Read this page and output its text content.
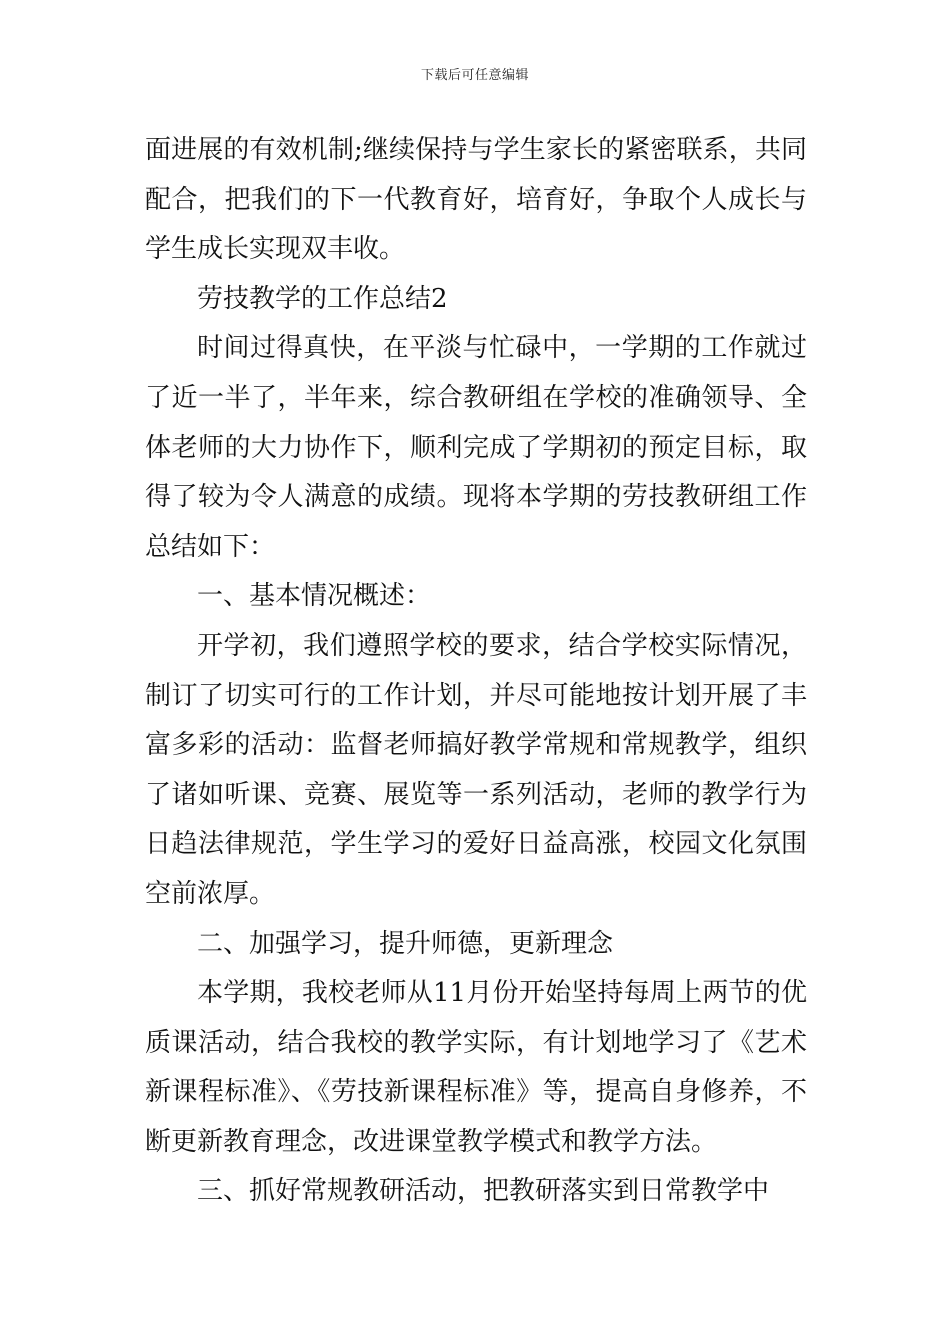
下载后可任意编辑

面进展的有效机制;继续保持与学生家长的紧密联系，共同配合，把我们的下一代教育好，培育好，争取个人成长与学生成长实现双丰收。

劳技教学的工作总结2

时间过得真快，在平淡与忙碌中，一学期的工作就过了近一半了，半年来，综合教研组在学校的准确领导、全体老师的大力协作下，顺利完成了学期初的预定目标，取得了较为令人满意的成绩。现将本学期的劳技教研组工作总结如下：

一、基本情况概述：

开学初，我们遵照学校的要求，结合学校实际情况，制订了切实可行的工作计划，并尽可能地按计划开展了丰富多彩的活动：监督老师搞好教学常规和常规教学，组织了诸如听课、竞赛、展览等一系列活动，老师的教学行为日趋法律规范，学生学习的爱好日益高涨，校园文化氛围空前浓厚。

二、加强学习，提升师德，更新理念

本学期，我校老师从11月份开始坚持每周上两节的优质课活动，结合我校的教学实际，有计划地学习了《艺术新课程标准》、《劳技新课程标准》等，提高自身修养，不断更新教育理念，改进课堂教学模式和教学方法。

三、抓好常规教研活动，把教研落实到日常教学中
